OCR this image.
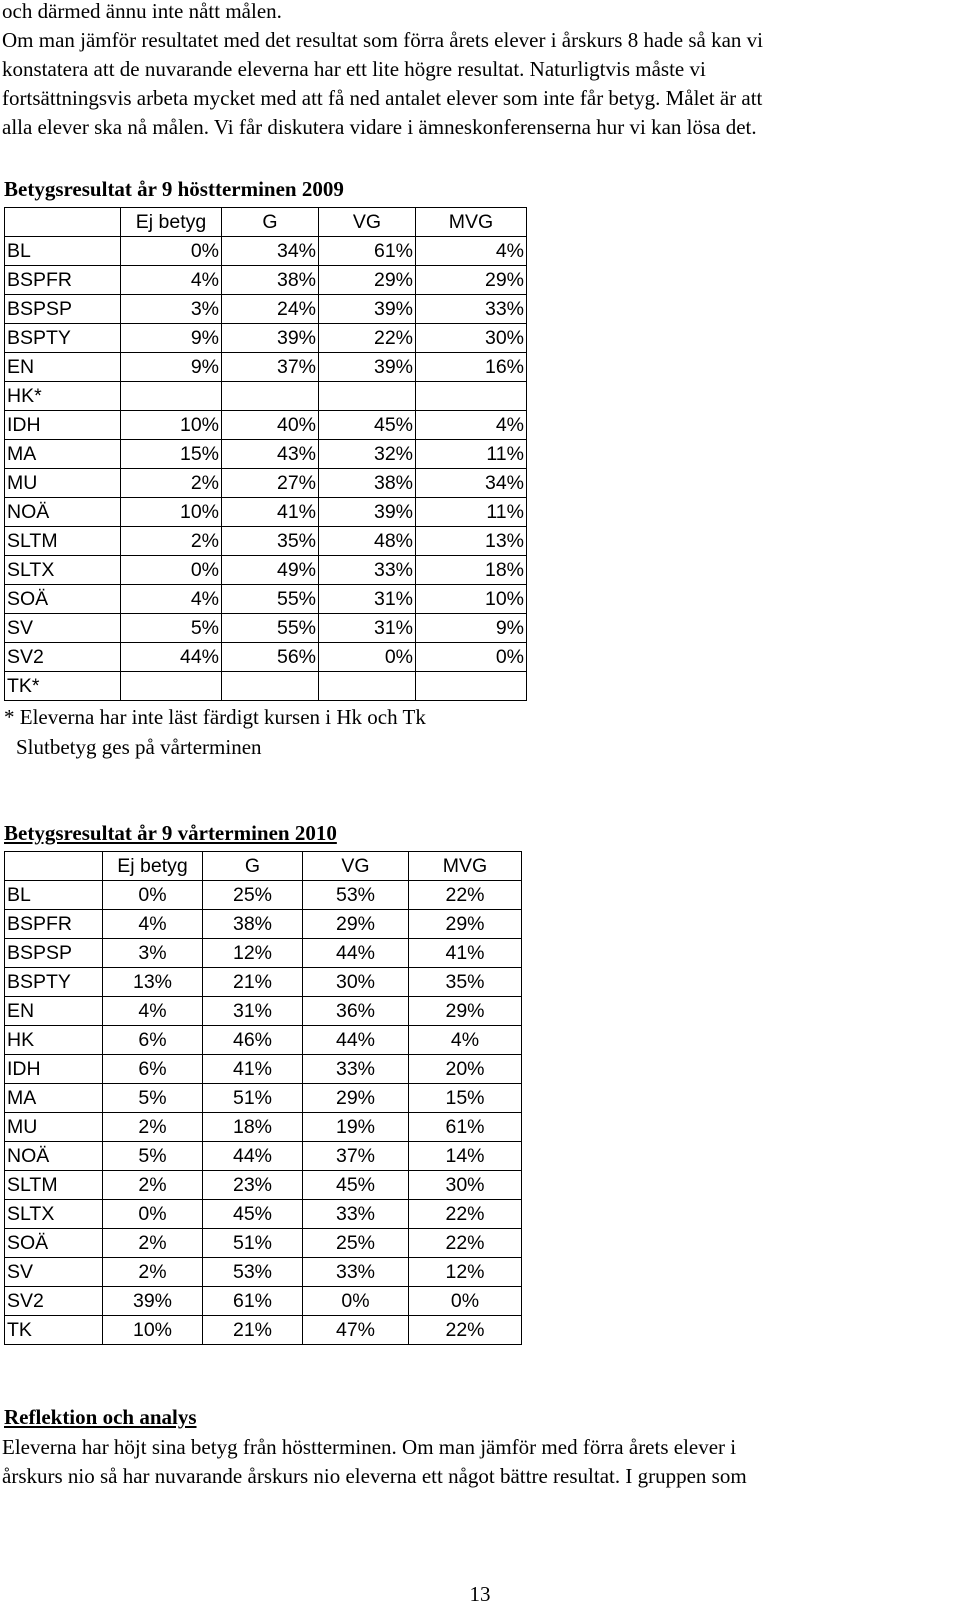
och därmed ännu inte nått målen.
Om man jämför resultatet med det resultat som förra årets elever i årskurs 8 hade så kan vi
konstatera att de nuvarande eleverna har ett lite högre resultat. Naturligtvis måste vi
fortsättningsvis arbeta mycket med att få ned antalet elever som inte får betyg. Målet är att
alla elever ska nå målen. Vi får diskutera vidare i ämneskonferenserna hur vi kan lösa det.
Betygsresultat år 9 höstterminen 2009
	Ej betyg	G	VG	MVG
BL	0%	34%	61%	4%
BSPFR	4%	38%	29%	29%
BSPSP	3%	24%	39%	33%
BSPTY	9%	39%	22%	30%
EN	9%	37%	39%	16%
HK*				
IDH	10%	40%	45%	4%
MA	15%	43%	32%	11%
MU	2%	27%	38%	34%
NOÄ	10%	41%	39%	11%
SLTM	2%	35%	48%	13%
SLTX	0%	49%	33%	18%
SOÄ	4%	55%	31%	10%
SV	5%	55%	31%	9%
SV2	44%	56%	0%	0%
TK*				
* Eleverna har inte läst färdigt kursen i Hk och Tk
Slutbetyg ges på vårterminen
Betygsresultat år 9 vårterminen 2010
	Ej betyg	G	VG	MVG
BL	0%	25%	53%	22%
BSPFR	4%	38%	29%	29%
BSPSP	3%	12%	44%	41%
BSPTY	13%	21%	30%	35%
EN	4%	31%	36%	29%
HK	6%	46%	44%	4%
IDH	6%	41%	33%	20%
MA	5%	51%	29%	15%
MU	2%	18%	19%	61%
NOÄ	5%	44%	37%	14%
SLTM	2%	23%	45%	30%
SLTX	0%	45%	33%	22%
SOÄ	2%	51%	25%	22%
SV	2%	53%	33%	12%
SV2	39%	61%	0%	0%
TK	10%	21%	47%	22%
Reflektion och analys
Eleverna har höjt sina betyg från höstterminen. Om man jämför med förra årets elever i
årskurs nio så har nuvarande årskurs nio eleverna ett något bättre resultat. I gruppen som
13
